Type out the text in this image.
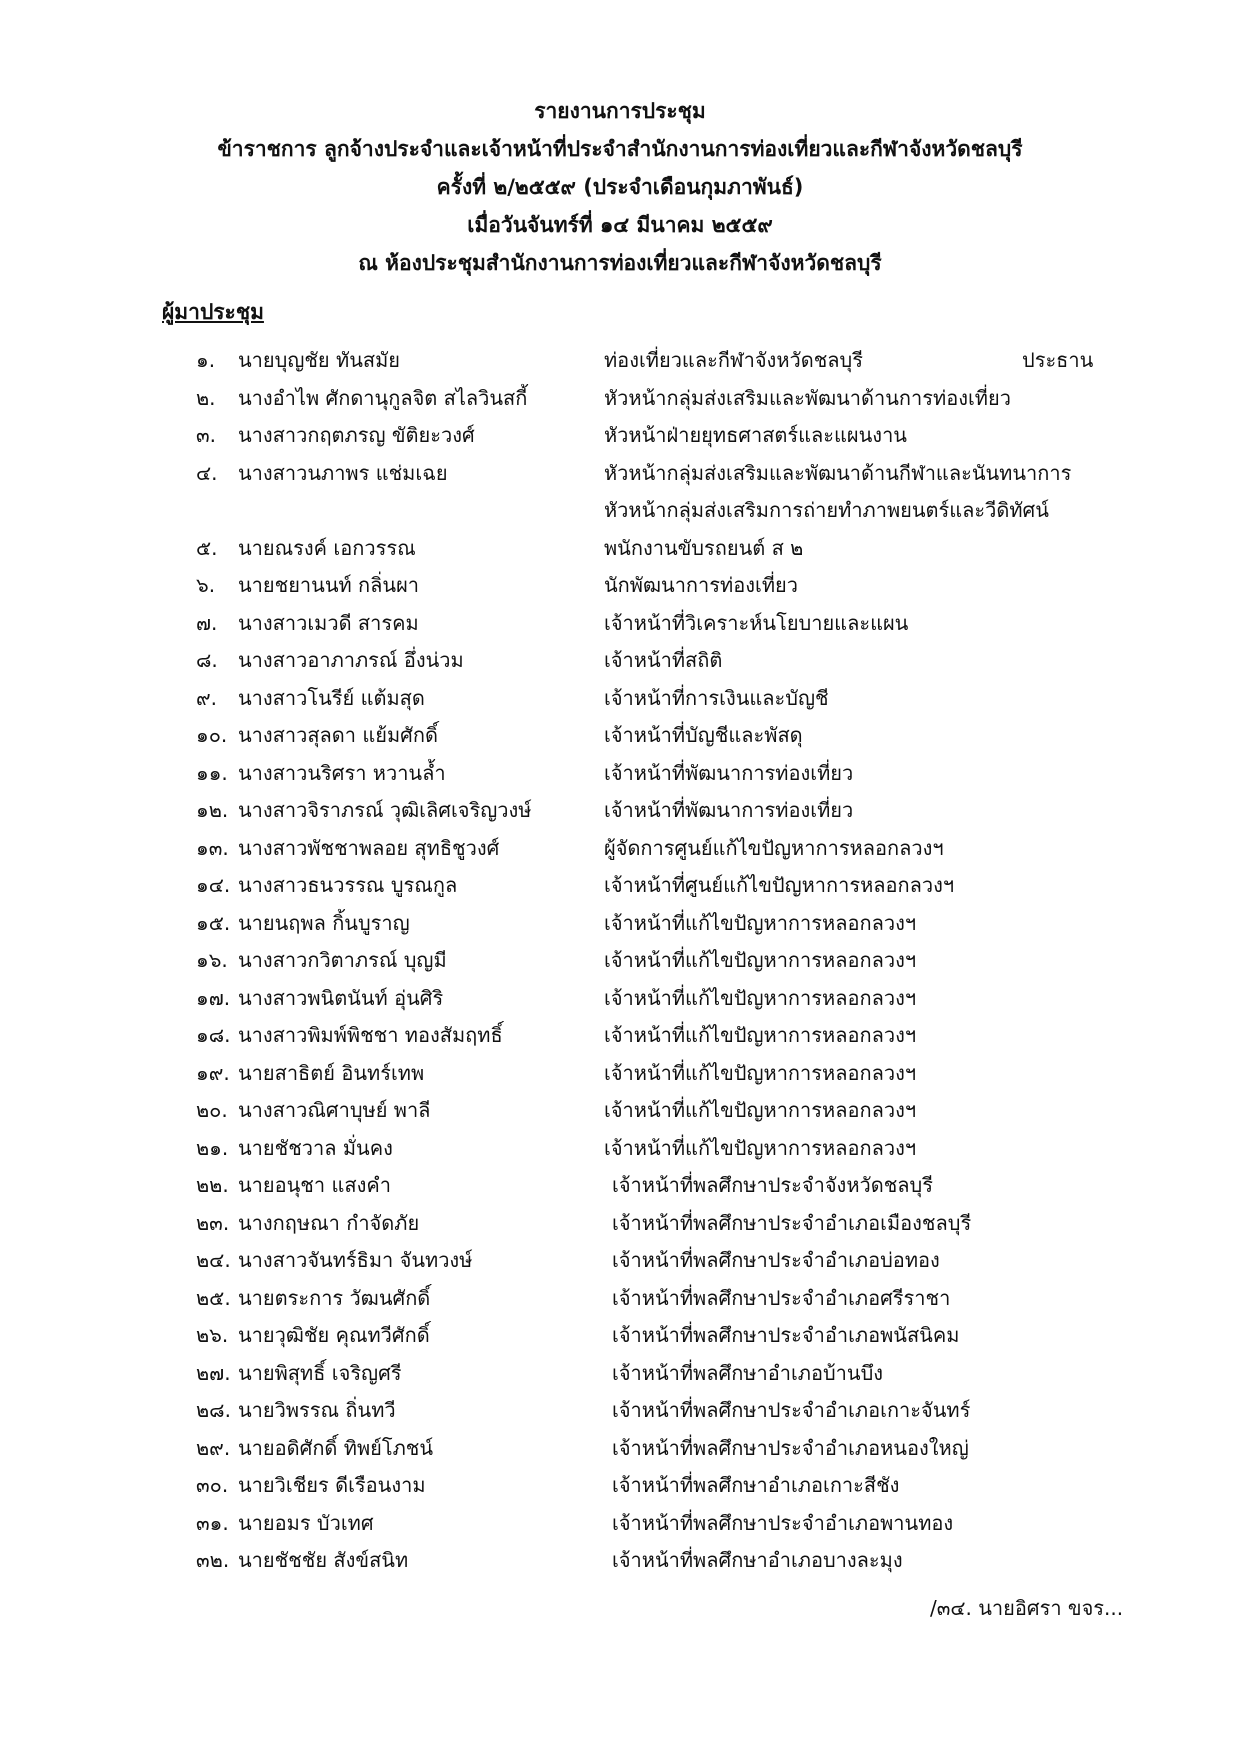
รายงานการประชุม
ข้าราชการ ลูกจ้างประจำและเจ้าหน้าที่ประจำสำนักงานการท่องเที่ยวและกีฬาจังหวัดชลบุรี
ครั้งที่ ๒/๒๕๕๙ (ประจำเดือนกุมภาพันธ์)
เมื่อวันจันทร์ที่ ๑๔ มีนาคม ๒๕๕๙
ณ ห้องประชุมสำนักงานการท่องเที่ยวและกีฬาจังหวัดชลบุรี
ผู้มาประชุม
๑. นายบุญชัย ทันสมัย	ท่องเที่ยวและกีฬาจังหวัดชลบุรี	ประธาน
๒. นางอำไพ ศักดานุกูลจิต สไลวินสกี้	หัวหน้ากลุ่มส่งเสริมและพัฒนาด้านการท่องเที่ยว
๓. นางสาวกฤตภรญ ขัติยะวงศ์	หัวหน้าฝ่ายยุทธศาสตร์และแผนงาน
๔. นางสาวนภาพร แช่มเฉย	หัวหน้ากลุ่มส่งเสริมและพัฒนาด้านกีฬาและนันทนาการ
หัวหน้ากลุ่มส่งเสริมการถ่ายทำภาพยนตร์และวีดิทัศน์
๕. นายณรงค์ เอกวรรณ	พนักงานขับรถยนต์ ส ๒
๖. นายชยานนท์ กลิ่นผา	นักพัฒนาการท่องเที่ยว
๗. นางสาวเมวดี สารคม	เจ้าหน้าที่วิเคราะห์นโยบายและแผน
๘. นางสาวอาภาภรณ์ อึ่งน่วม	เจ้าหน้าที่สถิติ
๙. นางสาวโนรีย์ แต้มสุด	เจ้าหน้าที่การเงินและบัญชี
๑๐. นางสาวสุลดา แย้มศักดิ์	เจ้าหน้าที่บัญชีและพัสดุ
๑๑. นางสาวนริศรา หวานล้ำ	เจ้าหน้าที่พัฒนาการท่องเที่ยว
๑๒. นางสาวจิราภรณ์ วุฒิเลิศเจริญวงษ์	เจ้าหน้าที่พัฒนาการท่องเที่ยว
๑๓. นางสาวพัชชาพลอย สุทธิชูวงศ์	ผู้จัดการศูนย์แก้ไขปัญหาการหลอกลวงฯ
๑๔. นางสาวธนวรรณ บูรณกูล	เจ้าหน้าที่ศูนย์แก้ไขปัญหาการหลอกลวงฯ
๑๕. นายนฤพล กิ้นบูราญ	เจ้าหน้าที่แก้ไขปัญหาการหลอกลวงฯ
๑๖. นางสาวกวิตาภรณ์ บุญมี	เจ้าหน้าที่แก้ไขปัญหาการหลอกลวงฯ
๑๗. นางสาวพนิตนันท์ อุ่นศิริ	เจ้าหน้าที่แก้ไขปัญหาการหลอกลวงฯ
๑๘. นางสาวพิมพ์พิชชา ทองสัมฤทธิ์	เจ้าหน้าที่แก้ไขปัญหาการหลอกลวงฯ
๑๙. นายสาธิตย์ อินทร์เทพ	เจ้าหน้าที่แก้ไขปัญหาการหลอกลวงฯ
๒๐. นางสาวณิศาบุษย์ พาลี	เจ้าหน้าที่แก้ไขปัญหาการหลอกลวงฯ
๒๑. นายชัชวาล มั่นคง	เจ้าหน้าที่แก้ไขปัญหาการหลอกลวงฯ
๒๒. นายอนุชา แสงคำ	เจ้าหน้าที่พลศึกษาประจำจังหวัดชลบุรี
๒๓. นางกฤษณา กำจัดภัย	เจ้าหน้าที่พลศึกษาประจำอำเภอเมืองชลบุรี
๒๔. นางสาวจันทร์ธิมา จันทวงษ์	เจ้าหน้าที่พลศึกษาประจำอำเภอบ่อทอง
๒๕. นายตระการ วัฒนศักดิ์	เจ้าหน้าที่พลศึกษาประจำอำเภอศรีราชา
๒๖. นายวุฒิชัย คุณทวีศักดิ์	เจ้าหน้าที่พลศึกษาประจำอำเภอพนัสนิคม
๒๗. นายพิสุทธิ์ เจริญศรี	เจ้าหน้าที่พลศึกษาอำเภอบ้านบึง
๒๘. นายวิพรรณ ถิ่นทวี	เจ้าหน้าที่พลศึกษาประจำอำเภอเกาะจันทร์
๒๙. นายอดิศักดิ์ ทิพย์โภชน์	เจ้าหน้าที่พลศึกษาประจำอำเภอหนองใหญ่
๓๐. นายวิเชียร ดีเรือนงาม	เจ้าหน้าที่พลศึกษาอำเภอเกาะสีชัง
๓๑. นายอมร บัวเทศ	เจ้าหน้าที่พลศึกษาประจำอำเภอพานทอง
๓๒. นายชัชชัย สังข์สนิท	เจ้าหน้าที่พลศึกษาอำเภอบางละมุง
/๓๔. นายอิศรา ขจร...
